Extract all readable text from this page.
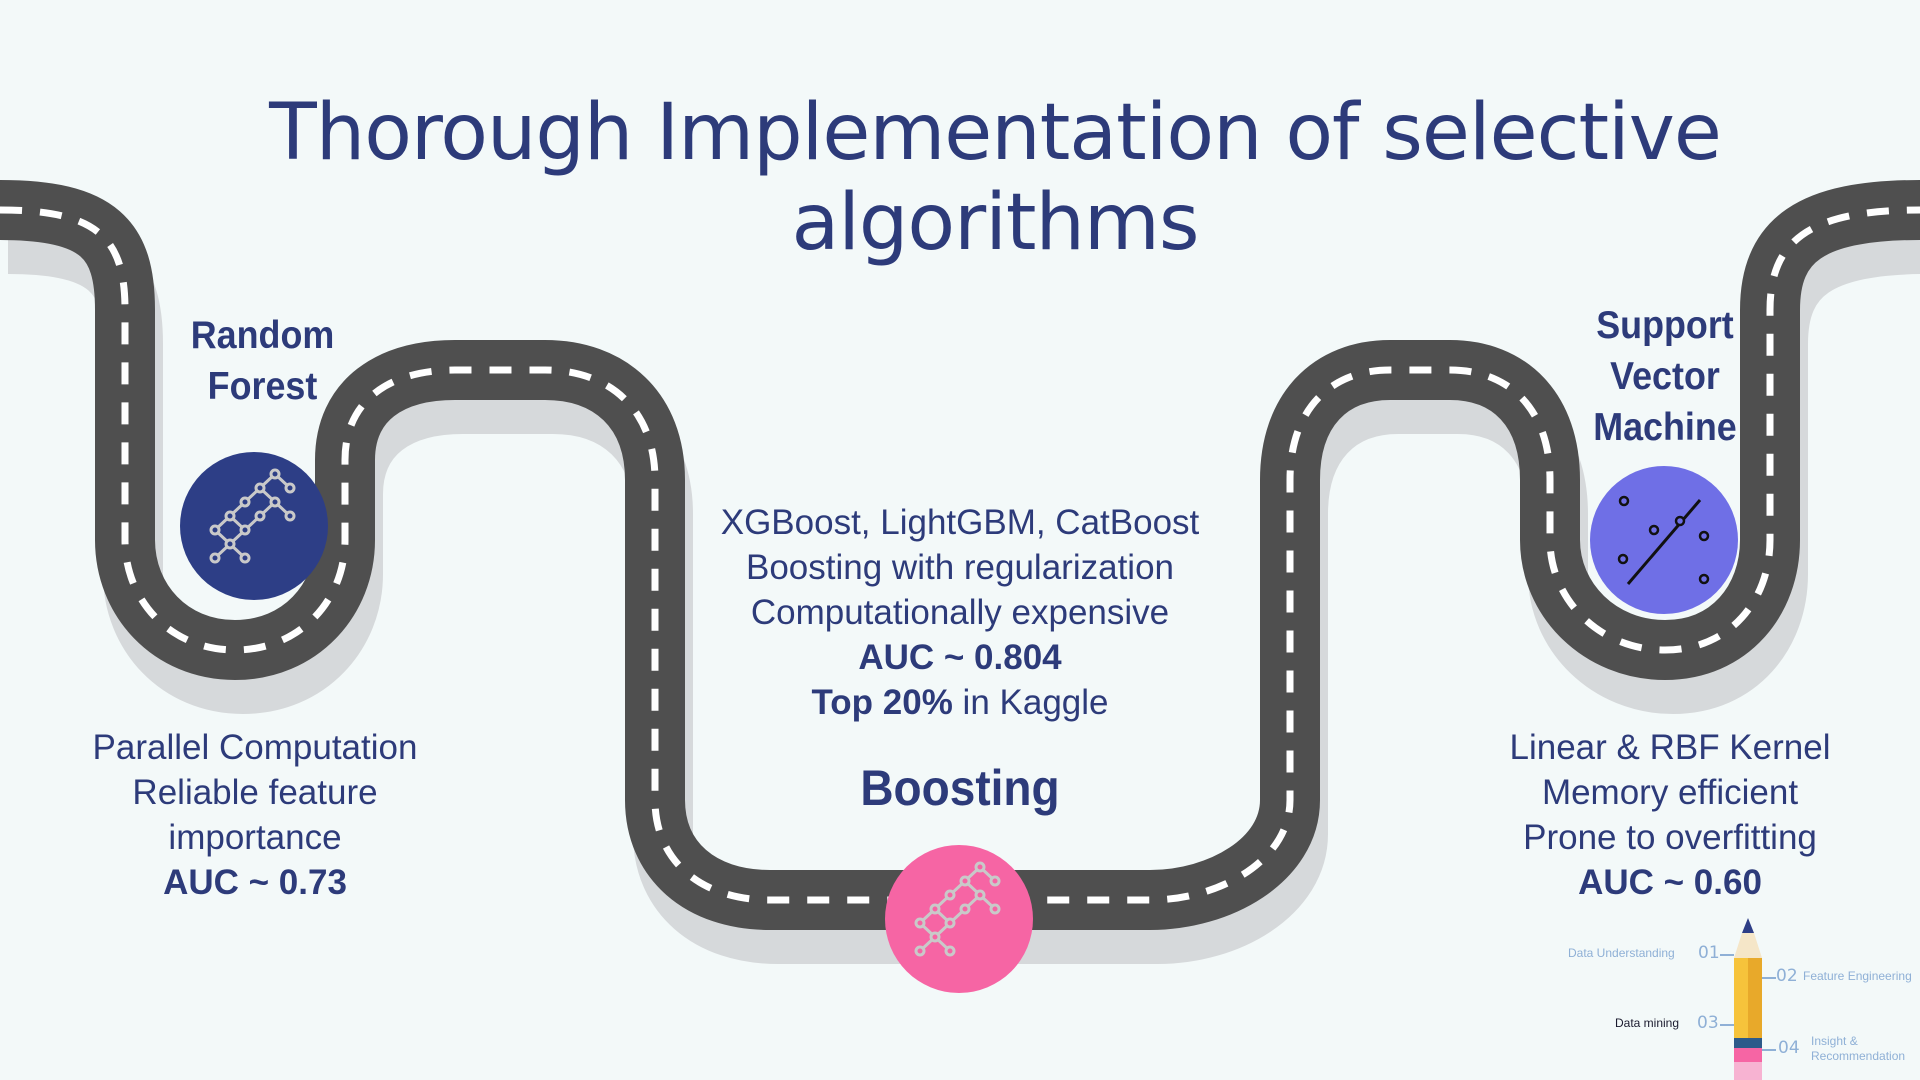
Thorough Implementation of selective algorithms
Random
Forest
Parallel Computation
Reliable feature
importance
AUC ~ 0.73
XGBoost, LightGBM, CatBoost
Boosting with regularization
Computationally expensive
AUC ~ 0.804
Top 20% in Kaggle
Boosting
Support
Vector
Machine
Linear & RBF Kernel
Memory efficient
Prone to overfitting
AUC ~ 0.60
Data Understanding 01
02 Feature Engineering
Data mining 03
04 Insight &
Recommendation
